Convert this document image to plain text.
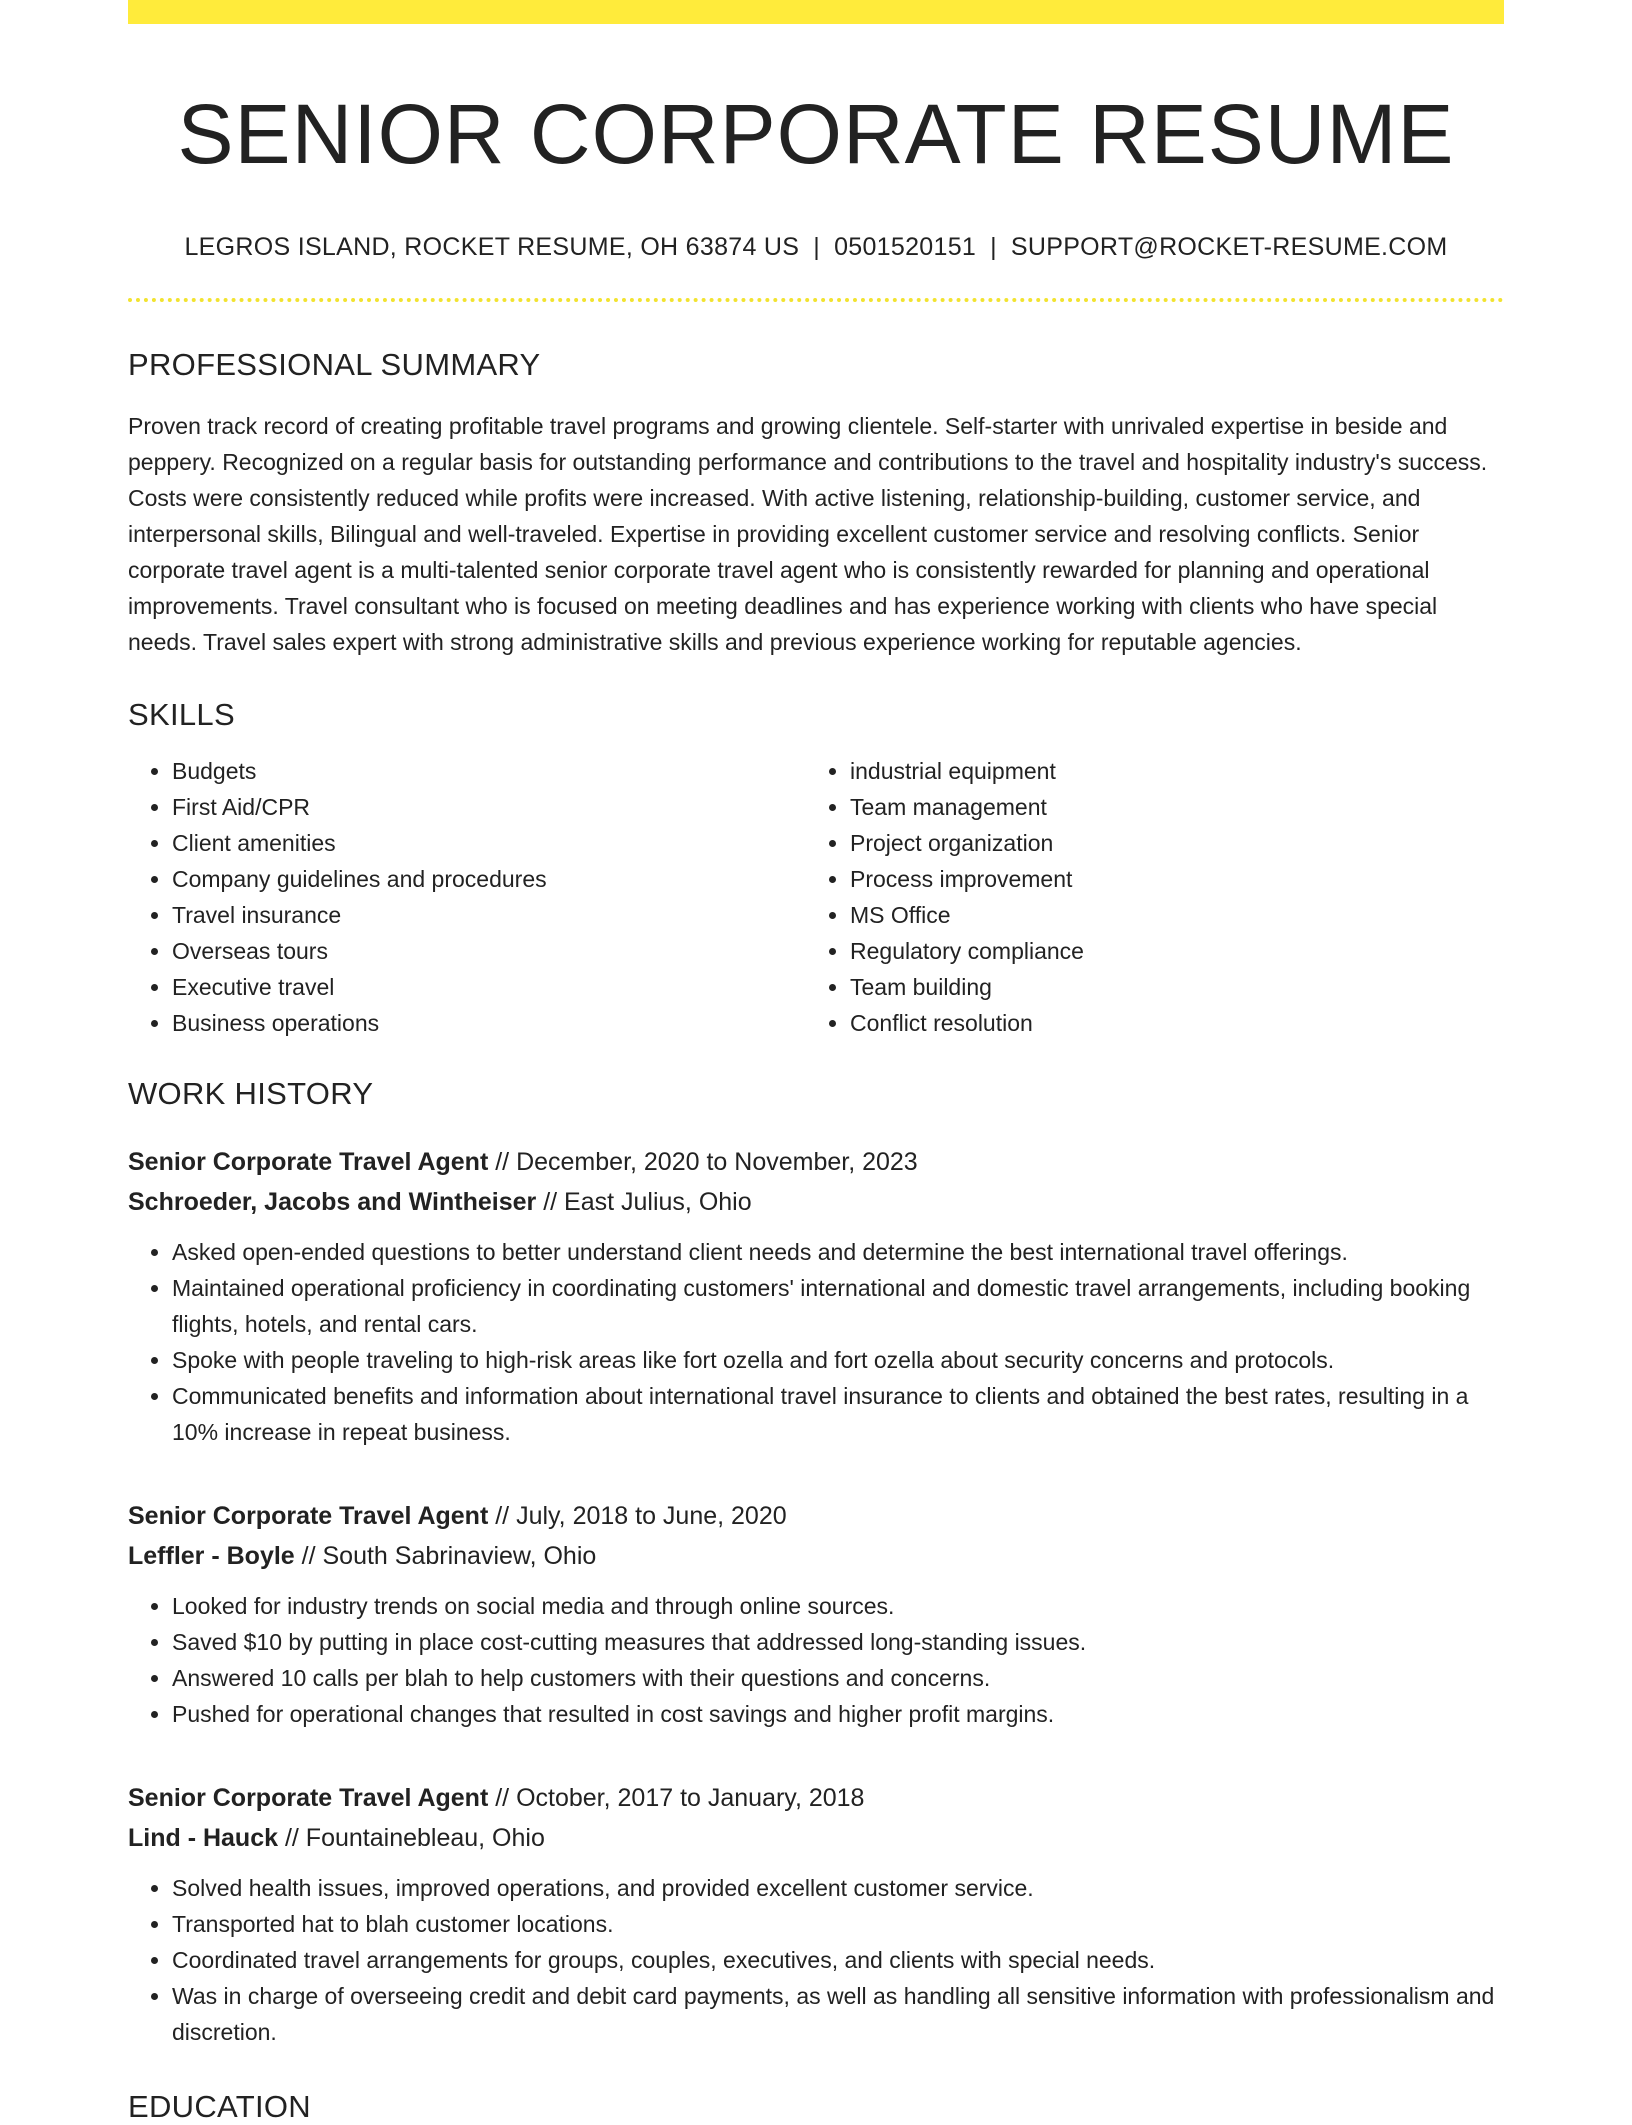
SENIOR CORPORATE RESUME
LEGROS ISLAND, ROCKET RESUME, OH 63874 US | 0501520151 | SUPPORT@ROCKET-RESUME.COM
PROFESSIONAL SUMMARY

Proven track record of creating profitable travel programs and growing clientele. Self-starter with unrivaled expertise in beside and peppery. Recognized on a regular basis for outstanding performance and contributions to the travel and hospitality industry's success. Costs were consistently reduced while profits were increased. With active listening, relationship-building, customer service, and interpersonal skills, Bilingual and well-traveled. Expertise in providing excellent customer service and resolving conflicts. Senior corporate travel agent is a multi-talented senior corporate travel agent who is consistently rewarded for planning and operational improvements. Travel consultant who is focused on meeting deadlines and has experience working with clients who have special needs. Travel sales expert with strong administrative skills and previous experience working for reputable agencies.

SKILLS
• Budgets
• First Aid/CPR
• Client amenities
• Company guidelines and procedures
• Travel insurance
• Overseas tours
• Executive travel
• Business operations
• industrial equipment
• Team management
• Project organization
• Process improvement
• MS Office
• Regulatory compliance
• Team building
• Conflict resolution
WORK HISTORY
Senior Corporate Travel Agent // December, 2020 to November, 2023
Schroeder, Jacobs and Wintheiser // East Julius, Ohio
• Asked open-ended questions to better understand client needs and determine the best international travel offerings.
• Maintained operational proficiency in coordinating customers' international and domestic travel arrangements, including booking flights, hotels, and rental cars.
• Spoke with people traveling to high-risk areas like fort ozella and fort ozella about security concerns and protocols.
• Communicated benefits and information about international travel insurance to clients and obtained the best rates, resulting in a 10% increase in repeat business.
Senior Corporate Travel Agent // July, 2018 to June, 2020
Leffler - Boyle // South Sabrinaview, Ohio
• Looked for industry trends on social media and through online sources.
• Saved $10 by putting in place cost-cutting measures that addressed long-standing issues.
• Answered 10 calls per blah to help customers with their questions and concerns.
• Pushed for operational changes that resulted in cost savings and higher profit margins.
Senior Corporate Travel Agent // October, 2017 to January, 2018
Lind - Hauck // Fountainebleau, Ohio
• Solved health issues, improved operations, and provided excellent customer service.
• Transported hat to blah customer locations.
• Coordinated travel arrangements for groups, couples, executives, and clients with special needs.
• Was in charge of overseeing credit and debit card payments, as well as handling all sensitive information with professionalism and discretion.
EDUCATION
